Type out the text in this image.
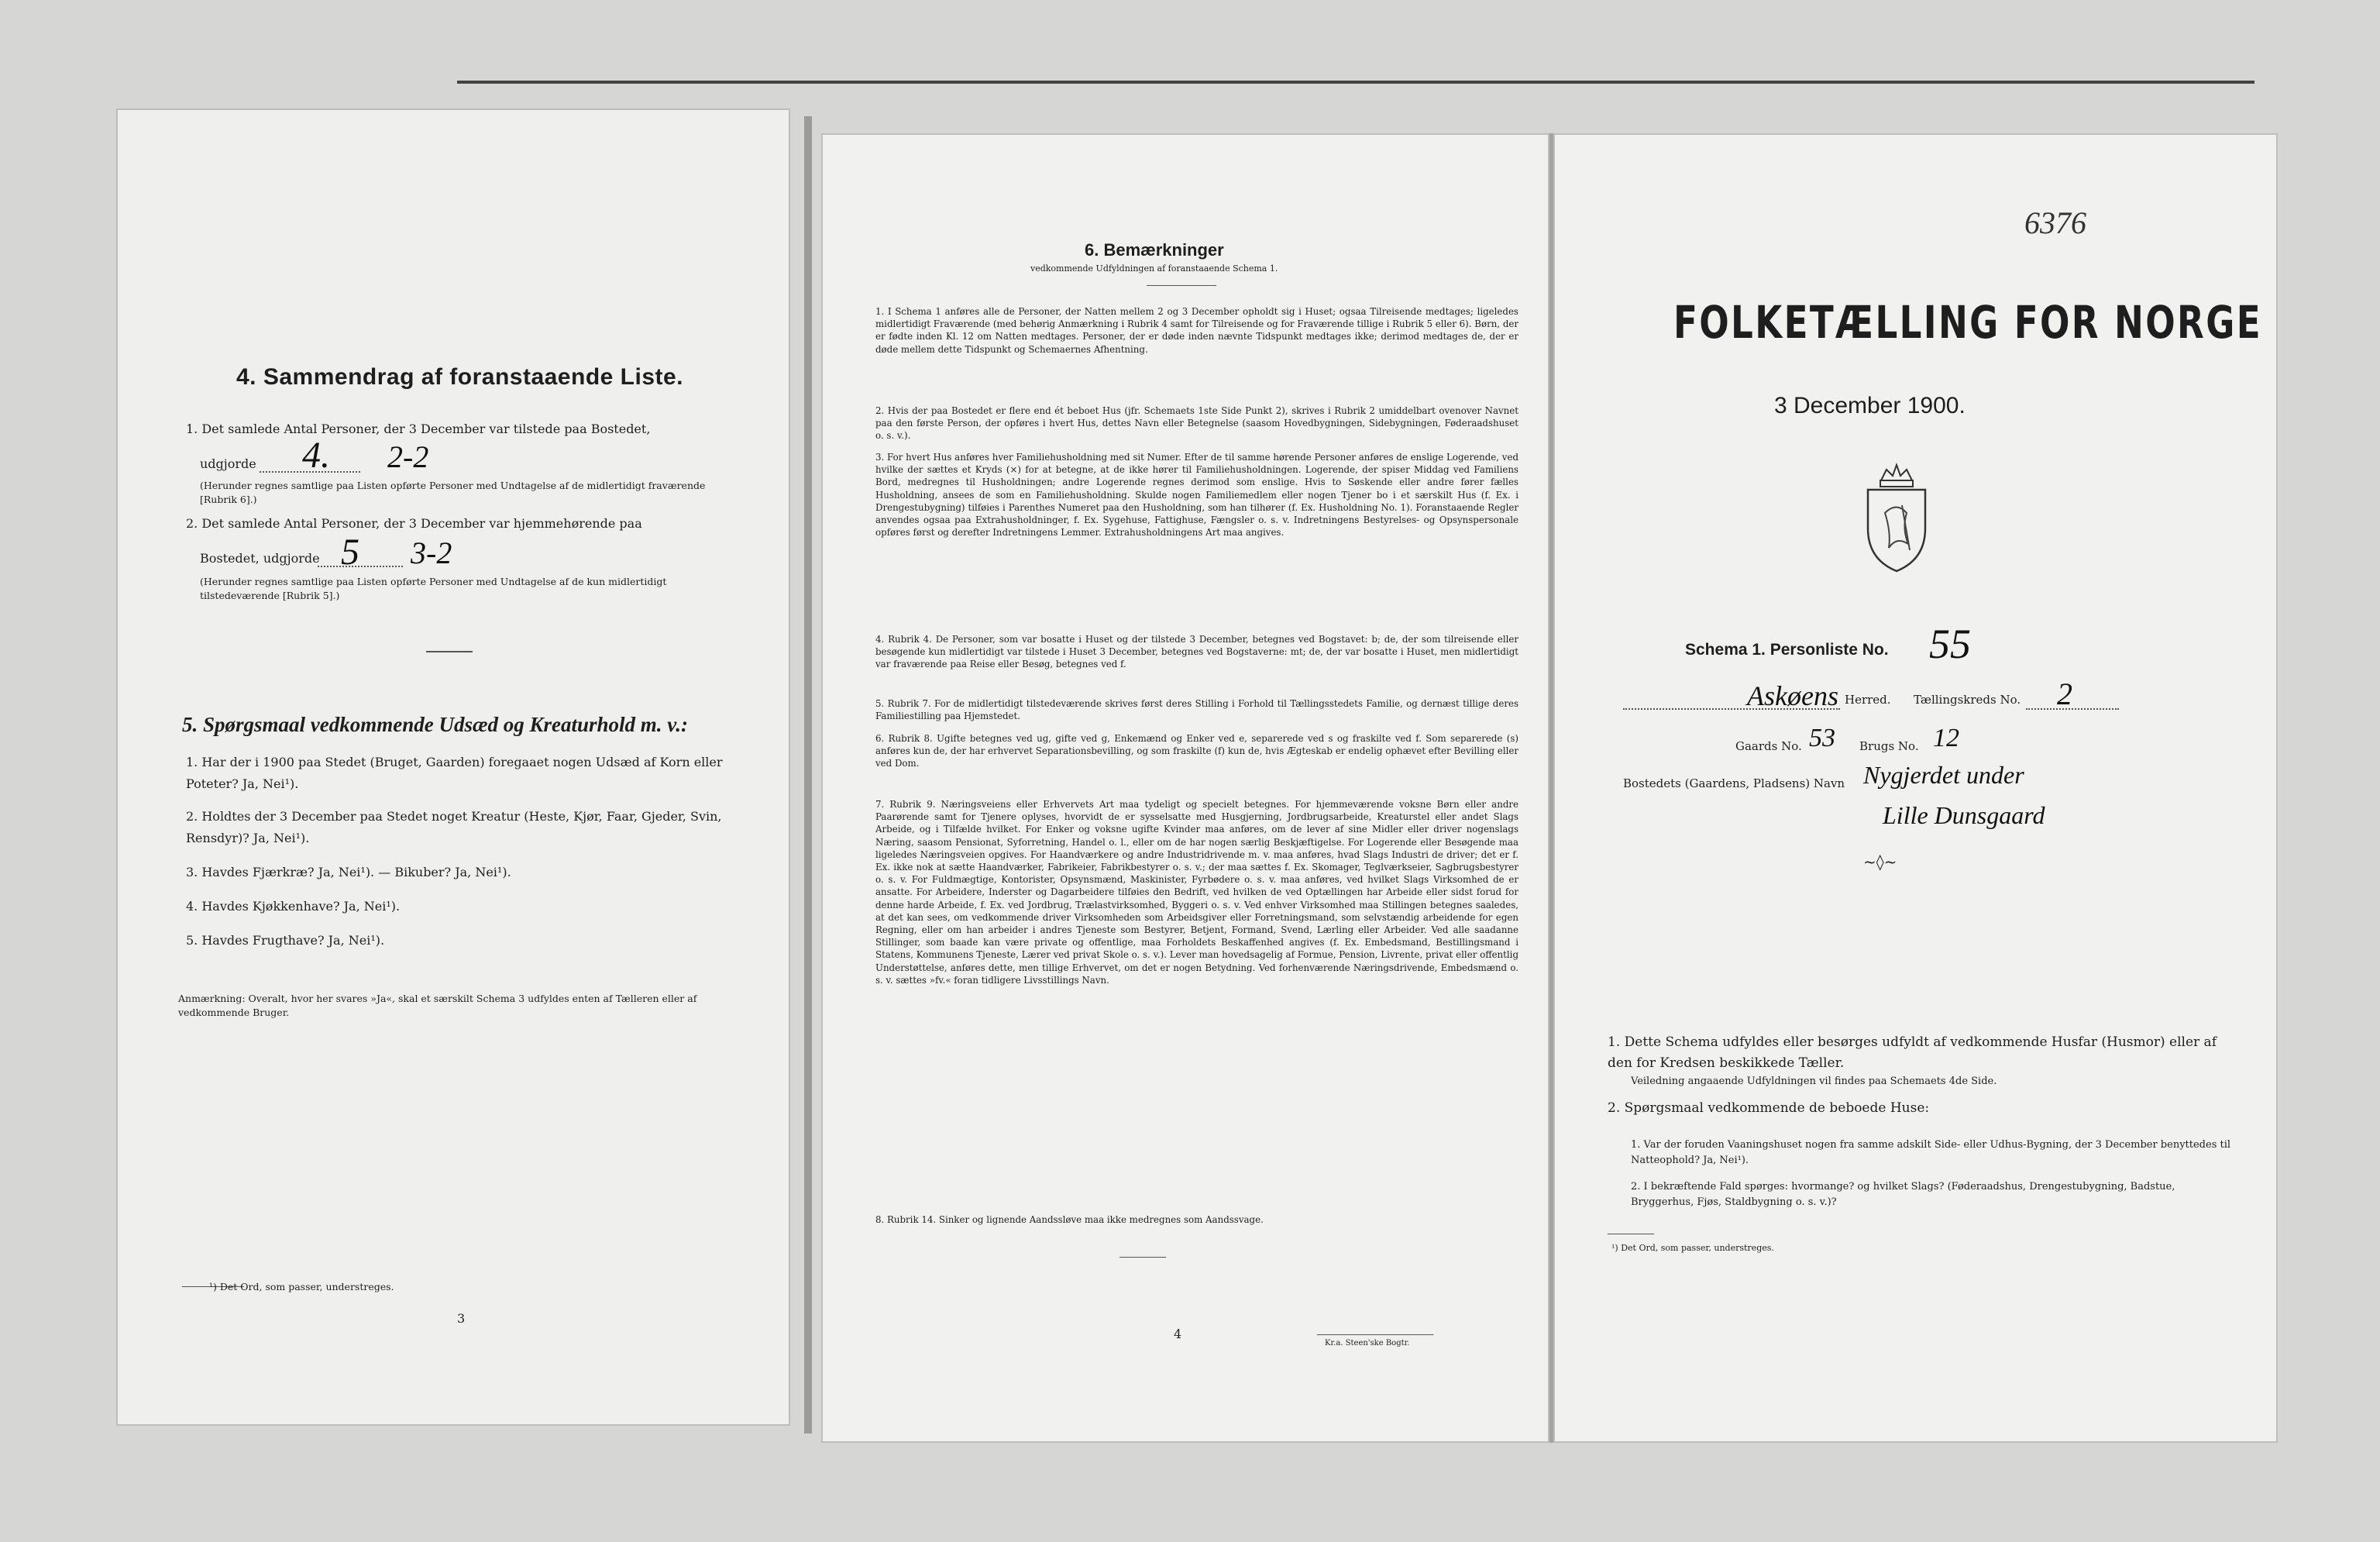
4. Sammendrag af foranstaaende Liste.
1. Det samlede Antal Personer, der 3 December var tilstede paa Bostedet,
udgjorde 4. 2-2
(Herunder regnes samtlige paa Listen opførte Personer med Undtagelse af de midlertidigt fraværende [Rubrik 6].)
2. Det samlede Antal Personer, der 3 December var hjemmehørende paa
Bostedet, udgjorde 5 3-2
(Herunder regnes samtlige paa Listen opførte Personer med Undtagelse af de kun midlertidigt tilstedeværende [Rubrik 5].)
5. Spørgsmaal vedkommende Udsæd og Kreaturhold m. v.:
1. Har der i 1900 paa Stedet (Bruget, Gaarden) foregaaet nogen Udsæd af Korn eller Poteter? Ja, Nei¹).
2. Holdtes der 3 December paa Stedet noget Kreatur (Heste, Kjør, Faar, Gjeder, Svin, Rensdyr)? Ja, Nei¹).
3. Havdes Fjærkræ? Ja, Nei¹). — Bikuber? Ja, Nei¹).
4. Havdes Kjøkkenhave? Ja, Nei¹).
5. Havdes Frugthave? Ja, Nei¹).
Anmærkning: Overalt, hvor her svares »Ja«, skal et særskilt Schema 3 udfyldes enten af Tælleren eller af vedkommende Bruger.
¹) Det Ord, som passer, understreges.
3
6. Bemærkninger
vedkommende Udfyldningen af foranstaaende Schema 1.
1. I Schema 1 anføres alle de Personer, der Natten mellem 2 og 3 December opholdt sig i Huset; ogsaa Tilreisende medtages; ligeledes midlertidigt Fraværende (med behørig Anmærkning i Rubrik 4 samt for Tilreisende og for Fraværende tillige i Rubrik 5 eller 6). Børn, der er fødte inden Kl. 12 om Natten medtages. Personer, der er døde inden nævnte Tidspunkt medtages ikke; derimod medtages de, der er døde mellem dette Tidspunkt og Schemaernes Afhentning.
2. Hvis der paa Bostedet er flere end ét beboet Hus (jfr. Schemaets 1ste Side Punkt 2), skrives i Rubrik 2 umiddelbart ovenover Navnet paa den første Person, der opføres i hvert Hus, dettes Navn eller Betegnelse (saasom Hovedbygningen, Sidebygningen, Føderaadshuset o. s. v.).
3. For hvert Hus anføres hver Familiehusholdning med sit Numer. Efter de til samme hørende Personer anføres de enslige Logerende, ved hvilke der sættes et Kryds (×) for at betegne, at de ikke hører til Familiehusholdningen. Logerende, der spiser Middag ved Familiens Bord, medregnes til Husholdningen; andre Logerende regnes derimod som enslige. Hvis to Søskende eller andre fører fælles Husholdning, ansees de som en Familiehusholdning. Skulde nogen Familiemedlem eller nogen Tjener bo i et særskilt Hus (f. Ex. i Drengestubygning) tilføies i Parenthes Numeret paa den Husholdning, som han tilhører (f. Ex. Husholdning No. 1). Foranstaaende Regler anvendes ogsaa paa Extrahusholdninger, f. Ex. Sygehuse, Fattighuse, Fængsler o. s. v. Indretningens Bestyrelses- og Opsynspersonale opføres først og derefter Indretningens Lemmer. Extrahusholdningens Art maa angives.
4. Rubrik 4. De Personer, som var bosatte i Huset og der tilstede 3 December, betegnes ved Bogstavet: b; de, der som tilreisende eller besøgende kun midlertidigt var tilstede i Huset 3 December, betegnes ved Bogstaverne: mt; de, der var bosatte i Huset, men midlertidigt var fraværende paa Reise eller Besøg, betegnes ved f.
5. Rubrik 7. For de midlertidigt tilstedeværende skrives først deres Stilling i Forhold til Tællingsstedets Familie, og dernæst tillige deres Familiestilling paa Hjemstedet.
6. Rubrik 8. Ugifte betegnes ved ug, gifte ved g, Enkemænd og Enker ved e, separerede ved s og fraskilte ved f. Som separerede (s) anføres kun de, der har erhvervet Separationsbevilling, og som fraskilte (f) kun de, hvis Ægteskab er endelig ophævet efter Bevilling eller ved Dom.
7. Rubrik 9. Næringsveiens eller Erhvervets Art maa tydeligt og specielt betegnes. For hjemmeværende voksne Børn eller andre Paarørende samt for Tjenere oplyses, hvorvidt de er sysselsatte med Husgjerning, Jordbrugsarbeide, Kreaturstel eller andet Slags Arbeide, og i Tilfælde hvilket. For Enker og voksne ugifte Kvinder maa anføres, om de lever af sine Midler eller driver nogenslags Næring, saasom Pensionat, Syforretning, Handel o. l., eller om de har nogen særlig Beskjæftigelse. For Logerende eller Besøgende maa ligeledes Næringsveien opgives. For Haandværkere og andre Industridrivende m. v. maa anføres, hvad Slags Industri de driver; det er f. Ex. ikke nok at sætte Haandværker, Fabrikeier, Fabrikbestyrer o. s. v.; der maa sættes f. Ex. Skomager, Teglværkseier, Sagbrugsbestyrer o. s. v. For Fuldmægtige, Kontorister, Opsynsmænd, Maskinister, Fyrbødere o. s. v. maa anføres, ved hvilket Slags Virksomhed de er ansatte. For Arbeidere, Inderster og Dagarbeidere tilføies den Bedrift, ved hvilken de ved Optællingen har Arbeide eller sidst forud for denne harde Arbeide, f. Ex. ved Jordbrug, Trælastvirksomhed, Byggeri o. s. v. Ved enhver Virksomhed maa Stillingen betegnes saaledes, at det kan sees, om vedkommende driver Virksomheden som Arbeidsgiver eller Forretningsmand, som selvstændig arbeidende for egen Regning, eller om han arbeider i andres Tjeneste som Bestyrer, Betjent, Formand, Svend, Lærling eller Arbeider. Ved alle saadanne Stillinger, som baade kan være private og offentlige, maa Forholdets Beskaffenhed angives (f. Ex. Embedsmand, Bestillingsmand i Statens, Kommunens Tjeneste, Lærer ved privat Skole o. s. v.). Lever man hovedsagelig af Formue, Pension, Livrente, privat eller offentlig Understøttelse, anføres dette, men tillige Erhvervet, om det er nogen Betydning. Ved forhenværende Næringsdrivende, Embedsmænd o. s. v. sættes »fv.« foran tidligere Livsstillings Navn.
8. Rubrik 14. Sinker og lignende Aandssløve maa ikke medregnes som Aandssvage.
4
Kr.a. Steen'ske Bogtr.
6376
FOLKETÆLLING FOR NORGE
3 December 1900.
Schema 1. Personliste No. 55
Askøens Herred. Tællingskreds No. 2
Gaards No. 53 Brugs No. 12
Bostedets (Gaardens, Pladsens) Navn Nygjerdet under
Lille Dunsgaard
~◊~
1. Dette Schema udfyldes eller besørges udfyldt af vedkommende Husfar (Husmor) eller af den for Kredsen beskikkede Tæller.
Veiledning angaaende Udfyldningen vil findes paa Schemaets 4de Side.
2. Spørgsmaal vedkommende de beboede Huse:
1. Var der foruden Vaaningshuset nogen fra samme adskilt Side- eller Udhus-Bygning, der 3 December benyttedes til Natteophold? Ja, Nei¹).
2. I bekræftende Fald spørges: hvormange? og hvilket Slags? (Føderaadshus, Drengestubygning, Badstue, Bryggerhus, Fjøs, Staldbygning o. s. v.)?
¹) Det Ord, som passer, understreges.
